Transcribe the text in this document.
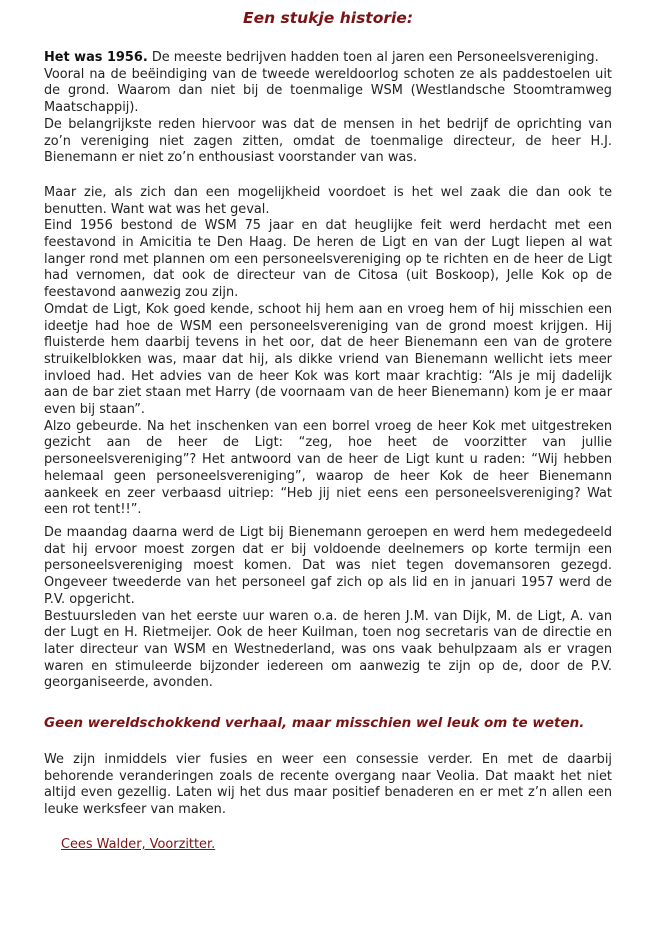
Een stukje historie:

Het was 1956. De meeste bedrijven hadden toen al jaren een Personeelsvereniging.

Vooral na de beëindiging van de tweede wereldoorlog schoten ze als paddestoelen uit de grond. Waarom dan niet bij de toenmalige WSM (Westlandsche Stoomtramweg Maatschappij).

De belangrijkste reden hiervoor was dat de mensen in het bedrijf de oprichting van zo’n vereniging niet zagen zitten, omdat de toenmalige directeur, de heer H.J. Bienemann er niet zo’n enthousiast voorstander van was.

Maar zie, als zich dan een mogelijkheid voordoet is het wel zaak die dan ook te benutten. Want wat was het geval.

Eind 1956 bestond de WSM 75 jaar en dat heuglijke feit werd herdacht met een feestavond in Amicitia te Den Haag. De heren de Ligt en van der Lugt liepen al wat langer rond met plannen om een personeelsvereniging op te richten en de heer de Ligt had vernomen, dat ook de directeur van de Citosa (uit Boskoop), Jelle Kok op de feestavond aanwezig zou zijn.

Omdat de Ligt, Kok goed kende, schoot hij hem aan en vroeg hem of hij misschien een ideetje had hoe de WSM een personeelsvereniging van de grond moest krijgen. Hij fluisterde hem daarbij tevens in het oor, dat de heer Bienemann een van de grotere struikelblokken was, maar dat hij, als dikke vriend van Bienemann wellicht iets meer invloed had. Het advies van de heer Kok was kort maar krachtig: “Als je mij dadelijk aan de bar ziet staan met Harry (de voornaam van de heer Bienemann) kom je er maar even bij staan”.

Alzo gebeurde. Na het inschenken van een borrel vroeg de heer Kok met uitgestreken gezicht aan de heer de Ligt: “zeg, hoe heet de voorzitter van jullie personeelsvereniging”? Het antwoord van de heer de Ligt kunt u raden: “Wij hebben helemaal geen personeelsvereniging”, waarop de heer Kok de heer Bienemann aankeek en zeer verbaasd uitriep: “Heb jij niet eens een personeelsvereniging? Wat een rot tent!!”.

De maandag daarna werd de Ligt bij Bienemann geroepen en werd hem medegedeeld dat hij ervoor moest zorgen dat er bij voldoende deelnemers op korte termijn een personeelsvereniging moest komen. Dat was niet tegen dovemansoren gezegd. Ongeveer tweederde van het personeel gaf zich op als lid en in januari 1957 werd de P.V. opgericht.

Bestuursleden van het eerste uur waren o.a. de heren J.M. van Dijk, M. de Ligt, A. van der Lugt en H. Rietmeijer. Ook de heer Kuilman, toen nog secretaris van de directie en later directeur van WSM en Westnederland, was ons vaak behulpzaam als er vragen waren en stimuleerde bijzonder iedereen om aanwezig te zijn op de, door de P.V. georganiseerde, avonden.

Geen wereldschokkend verhaal, maar misschien wel leuk om te weten.

We zijn inmiddels vier fusies en weer een consessie verder. En met de daarbij behorende veranderingen zoals de recente overgang naar Veolia. Dat maakt het niet altijd even gezellig. Laten wij het dus maar positief benaderen en er met z’n allen een leuke werksfeer van maken.

Cees Walder, Voorzitter.
